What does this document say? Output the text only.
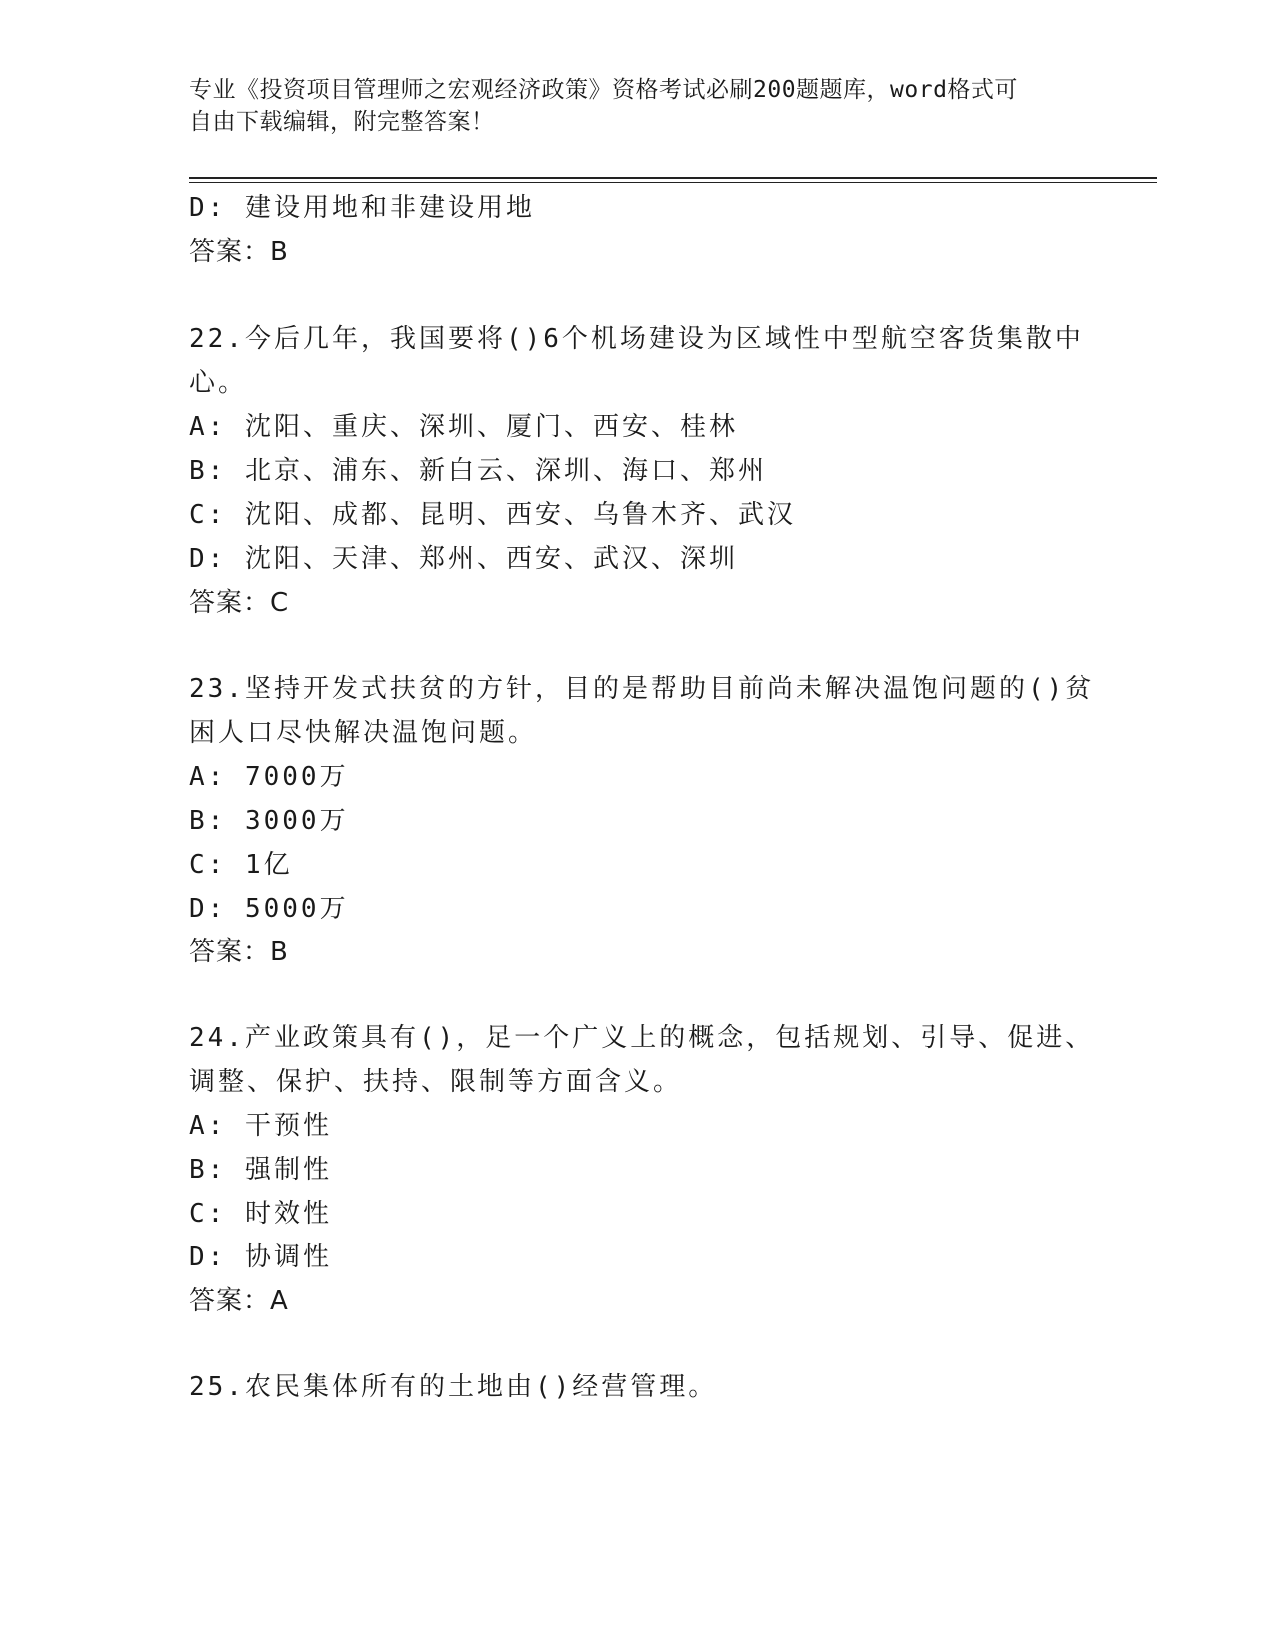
专业《投资项目管理师之宏观经济政策》资格考试必刷200题题库，word格式可
自由下载编辑，附完整答案！
D: 建设用地和非建设用地
答案：B
22.今后几年，我国要将()6个机场建设为区域性中型航空客货集散中
心。
A: 沈阳、重庆、深圳、厦门、西安、桂林
B: 北京、浦东、新白云、深圳、海口、郑州
C: 沈阳、成都、昆明、西安、乌鲁木齐、武汉
D: 沈阳、天津、郑州、西安、武汉、深圳
答案：C
23.坚持开发式扶贫的方针，目的是帮助目前尚未解决温饱问题的()贫
困人口尽快解决温饱问题。
A: 7000万
B: 3000万
C: 1亿
D: 5000万
答案：B
24.产业政策具有()，足一个广义上的概念，包括规划、引导、促进、
调整、保护、扶持、限制等方面含义。
A: 干预性
B: 强制性
C: 时效性
D: 协调性
答案：A
25.农民集体所有的土地由()经营管理。
